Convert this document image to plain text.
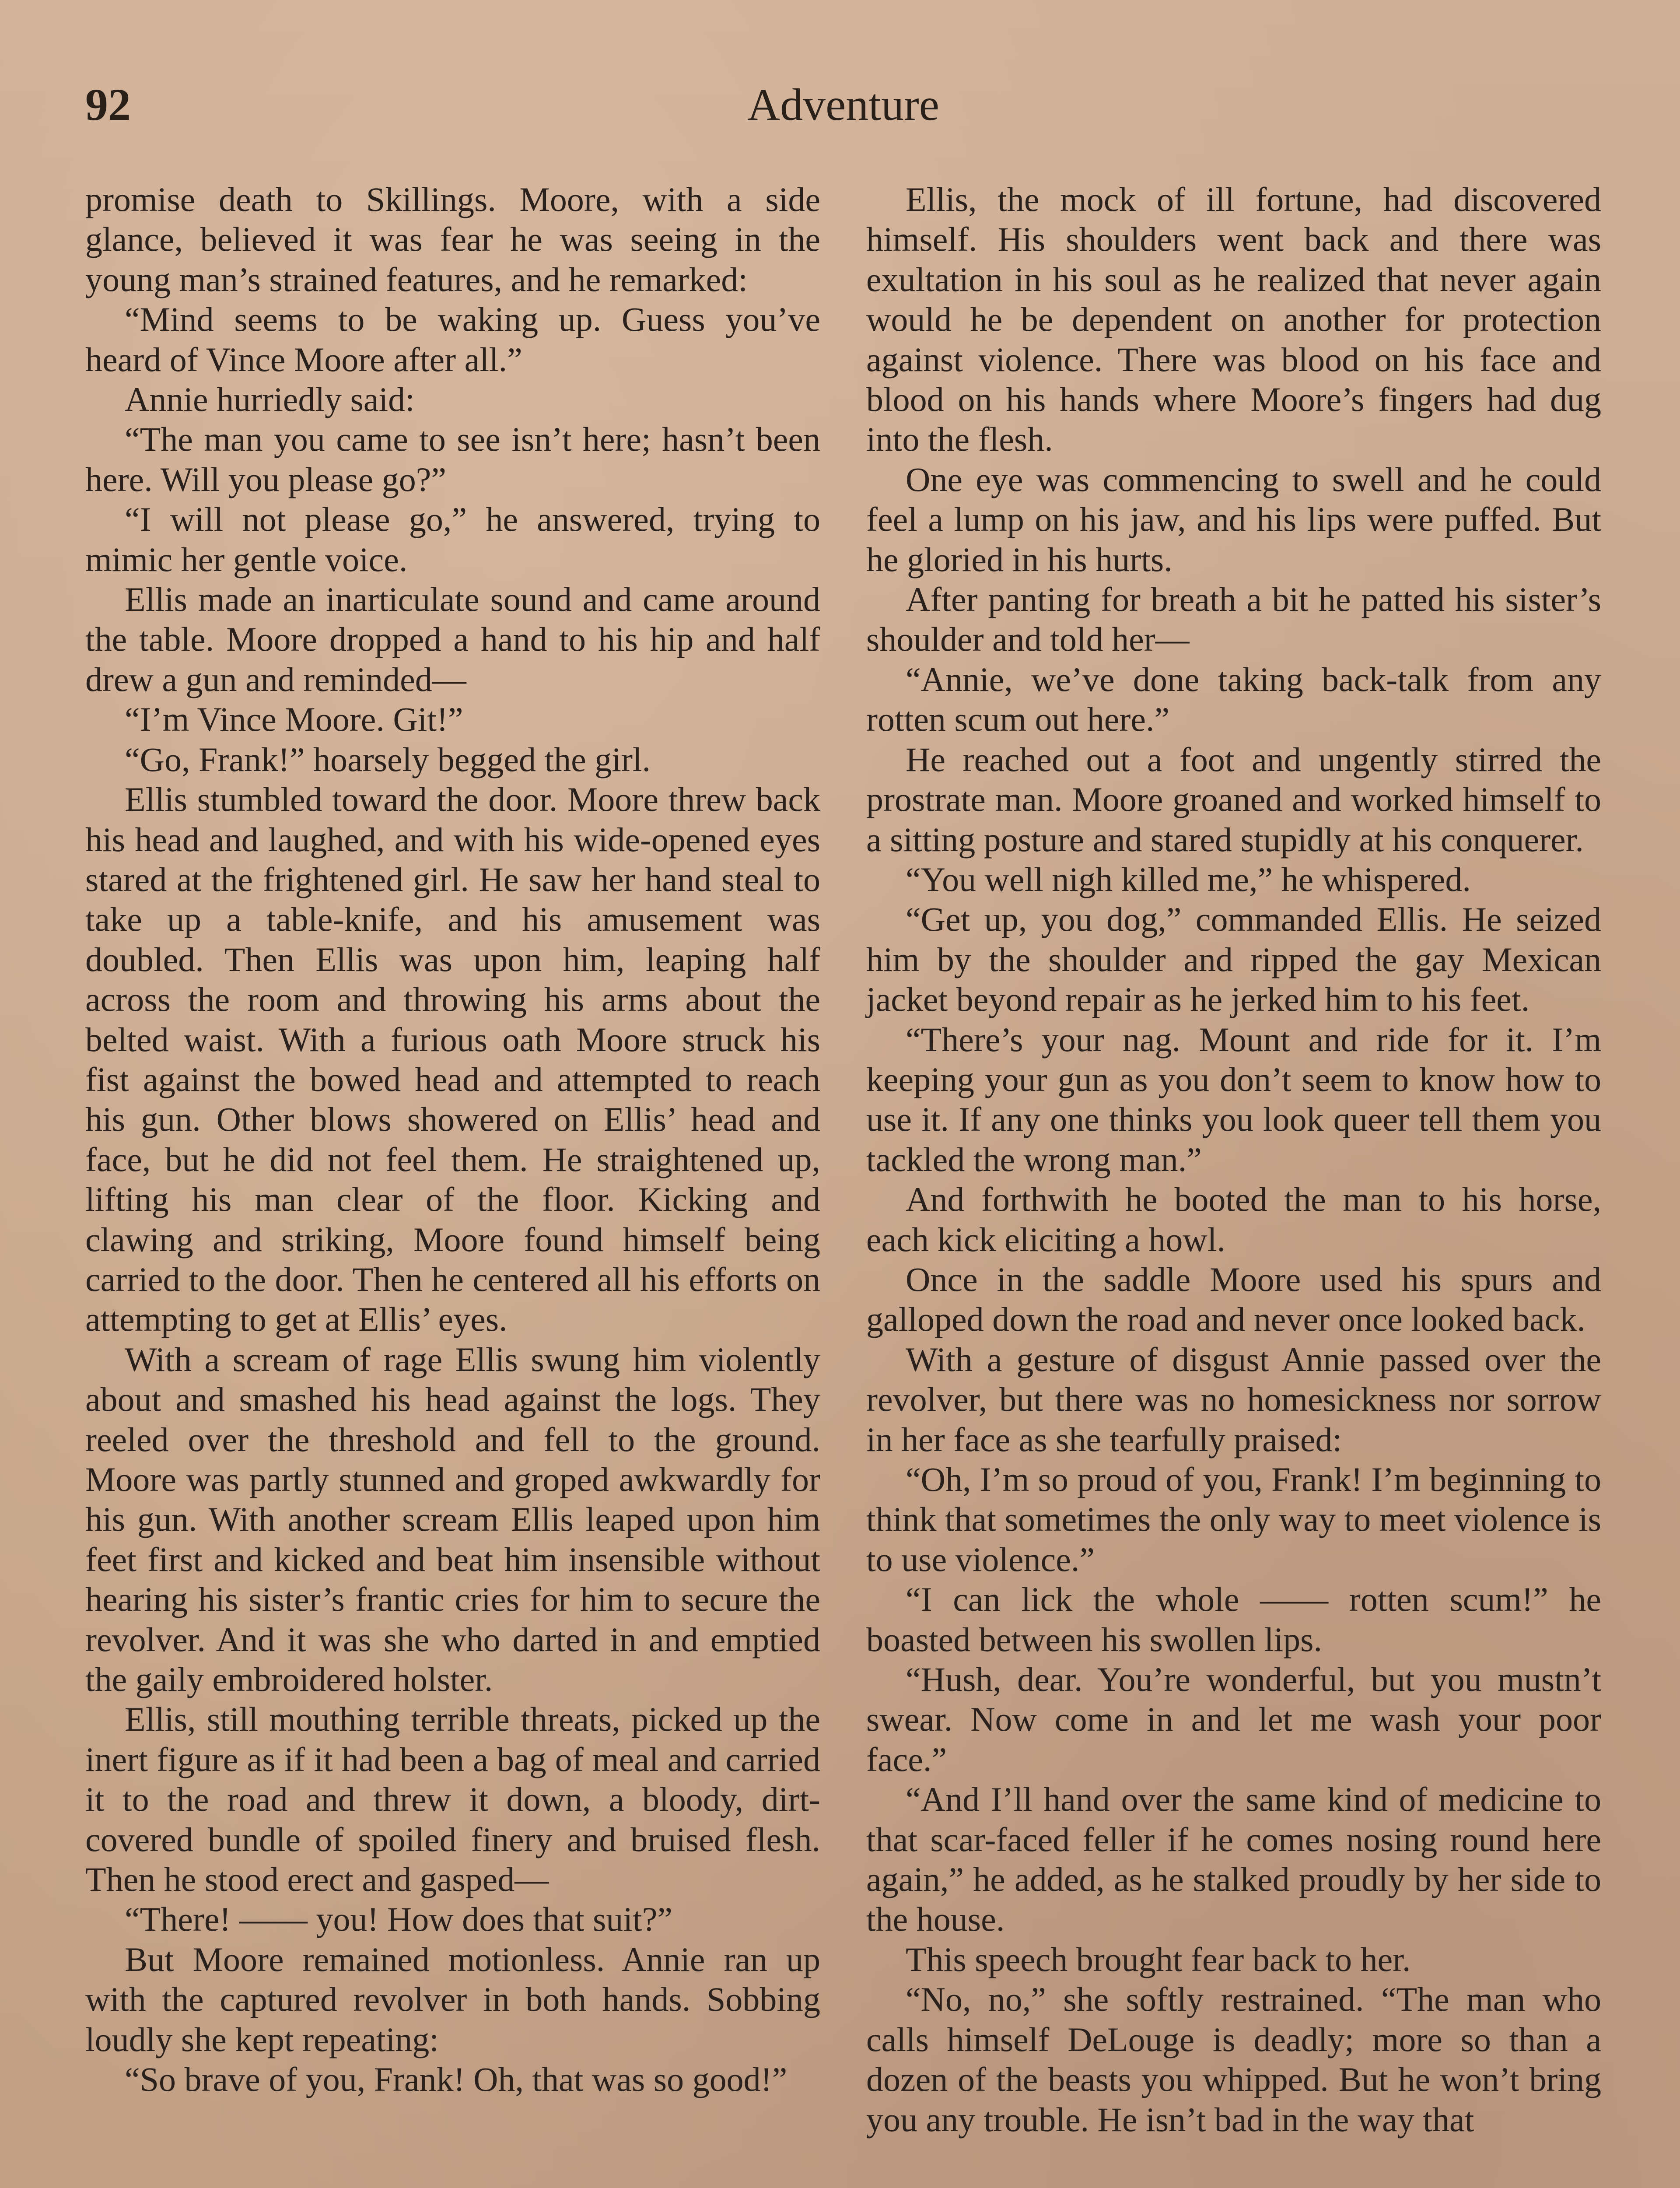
92	Adventure

promise death to Skillings. Moore, with a side glance, believed it was fear he was seeing in the young man’s strained features, and he remarked:

“Mind seems to be waking up. Guess you’ve heard of Vince Moore after all.”

Annie hurriedly said:

“The man you came to see isn’t here; hasn’t been here. Will you please go?”

“I will not please go,” he answered, trying to mimic her gentle voice.

Ellis made an inarticulate sound and came around the table. Moore dropped a hand to his hip and half drew a gun and reminded—

“I’m Vince Moore. Git!”

“Go, Frank!” hoarsely begged the girl.

Ellis stumbled toward the door. Moore threw back his head and laughed, and with his wide-opened eyes stared at the frightened girl. He saw her hand steal to take up a table-knife, and his amusement was doubled. Then Ellis was upon him, leaping half across the room and throwing his arms about the belted waist. With a furious oath Moore struck his fist against the bowed head and attempted to reach his gun. Other blows showered on Ellis’ head and face, but he did not feel them. He straightened up, lifting his man clear of the floor. Kicking and clawing and striking, Moore found himself being carried to the door. Then he centered all his efforts on attempting to get at Ellis’ eyes.

With a scream of rage Ellis swung him violently about and smashed his head against the logs. They reeled over the threshold and fell to the ground. Moore was partly stunned and groped awkwardly for his gun. With another scream Ellis leaped upon him feet first and kicked and beat him insensible without hearing his sister’s frantic cries for him to secure the revolver. And it was she who darted in and emptied the gaily embroidered holster.

Ellis, still mouthing terrible threats, picked up the inert figure as if it had been a bag of meal and carried it to the road and threw it down, a bloody, dirt-covered bundle of spoiled finery and bruised flesh. Then he stood erect and gasped—

“There! —— you! How does that suit?”

But Moore remained motionless. Annie ran up with the captured revolver in both hands. Sobbing loudly she kept repeating:

“So brave of you, Frank! Oh, that was so good!”

Ellis, the mock of ill fortune, had discovered himself. His shoulders went back and there was exultation in his soul as he realized that never again would he be dependent on another for protection against violence. There was blood on his face and blood on his hands where Moore’s fingers had dug into the flesh.

One eye was commencing to swell and he could feel a lump on his jaw, and his lips were puffed. But he gloried in his hurts.

After panting for breath a bit he patted his sister’s shoulder and told her—

“Annie, we’ve done taking back-talk from any rotten scum out here.”

He reached out a foot and ungently stirred the prostrate man. Moore groaned and worked himself to a sitting posture and stared stupidly at his conquerer.

“You well nigh killed me,” he whispered.

“Get up, you dog,” commanded Ellis. He seized him by the shoulder and ripped the gay Mexican jacket beyond repair as he jerked him to his feet.

“There’s your nag. Mount and ride for it. I’m keeping your gun as you don’t seem to know how to use it. If any one thinks you look queer tell them you tackled the wrong man.”

And forthwith he booted the man to his horse, each kick eliciting a howl.

Once in the saddle Moore used his spurs and galloped down the road and never once looked back.

With a gesture of disgust Annie passed over the revolver, but there was no homesickness nor sorrow in her face as she tearfully praised:

“Oh, I’m so proud of you, Frank! I’m beginning to think that sometimes the only way to meet violence is to use violence.”

“I can lick the whole —— rotten scum!” he boasted between his swollen lips.

“Hush, dear. You’re wonderful, but you mustn’t swear. Now come in and let me wash your poor face.”

“And I’ll hand over the same kind of medicine to that scar-faced feller if he comes nosing round here again,” he added, as he stalked proudly by her side to the house.

This speech brought fear back to her.

“No, no,” she softly restrained. “The man who calls himself DeLouge is deadly; more so than a dozen of the beasts you whipped. But he won’t bring you any trouble. He isn’t bad in the way that
